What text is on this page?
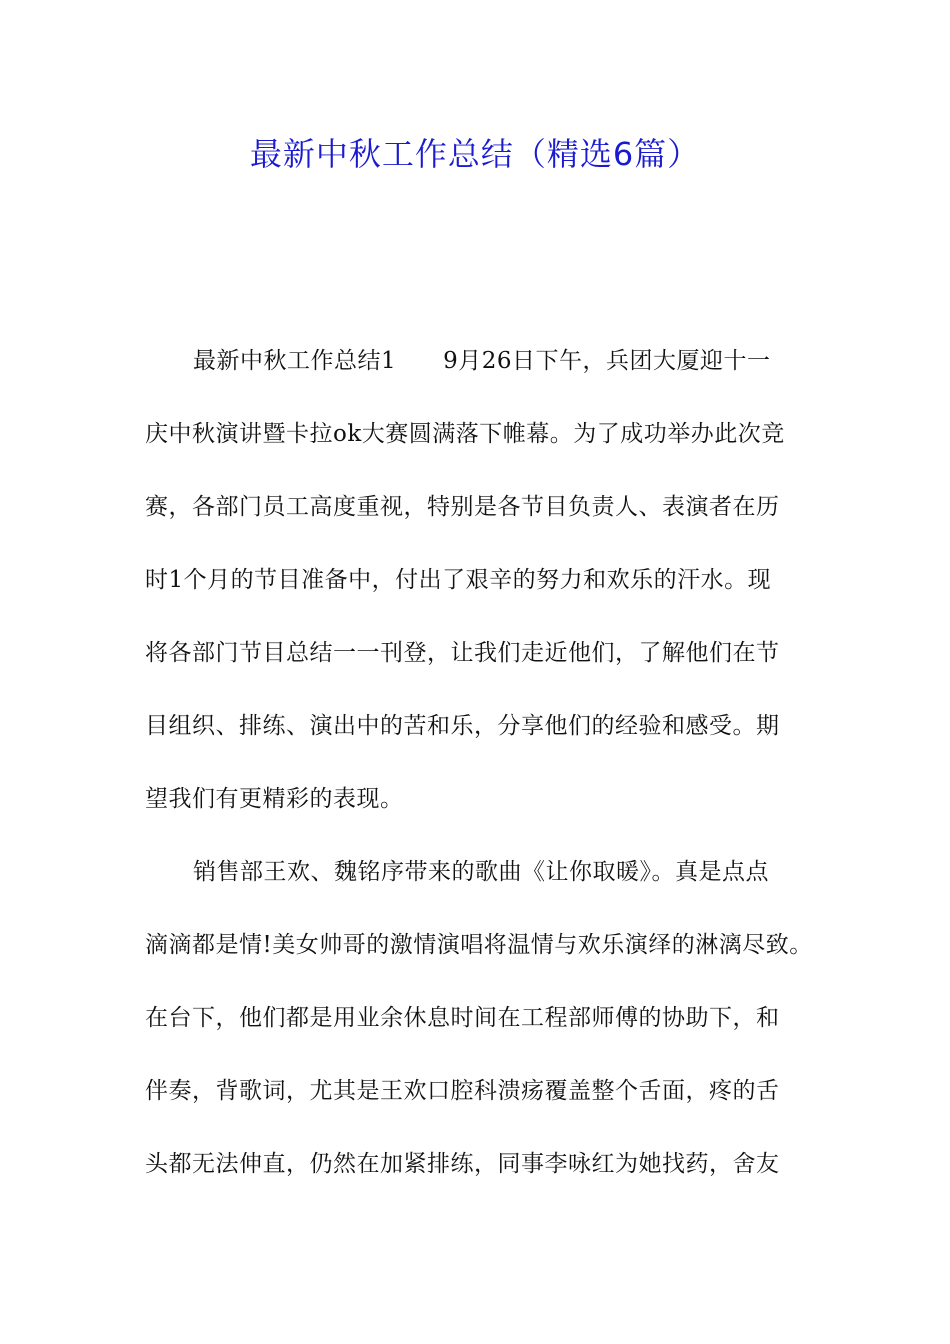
最新中秋工作总结（精选6篇）
最新中秋工作总结1　　9月26日下午，兵团大厦迎十一
庆中秋演讲暨卡拉ok大赛圆满落下帷幕。为了成功举办此次竞
赛，各部门员工高度重视，特别是各节目负责人、表演者在历
时1个月的节目准备中，付出了艰辛的努力和欢乐的汗水。现
将各部门节目总结一一刊登，让我们走近他们，了解他们在节
目组织、排练、演出中的苦和乐，分享他们的经验和感受。期
望我们有更精彩的表现。
销售部王欢、魏铭序带来的歌曲《让你取暖》。真是点点
滴滴都是情!美女帅哥的激情演唱将温情与欢乐演绎的淋漓尽致。
在台下，他们都是用业余休息时间在工程部师傅的协助下，和
伴奏，背歌词，尤其是王欢口腔科溃疡覆盖整个舌面，疼的舌
头都无法伸直，仍然在加紧排练，同事李咏红为她找药，舍友
